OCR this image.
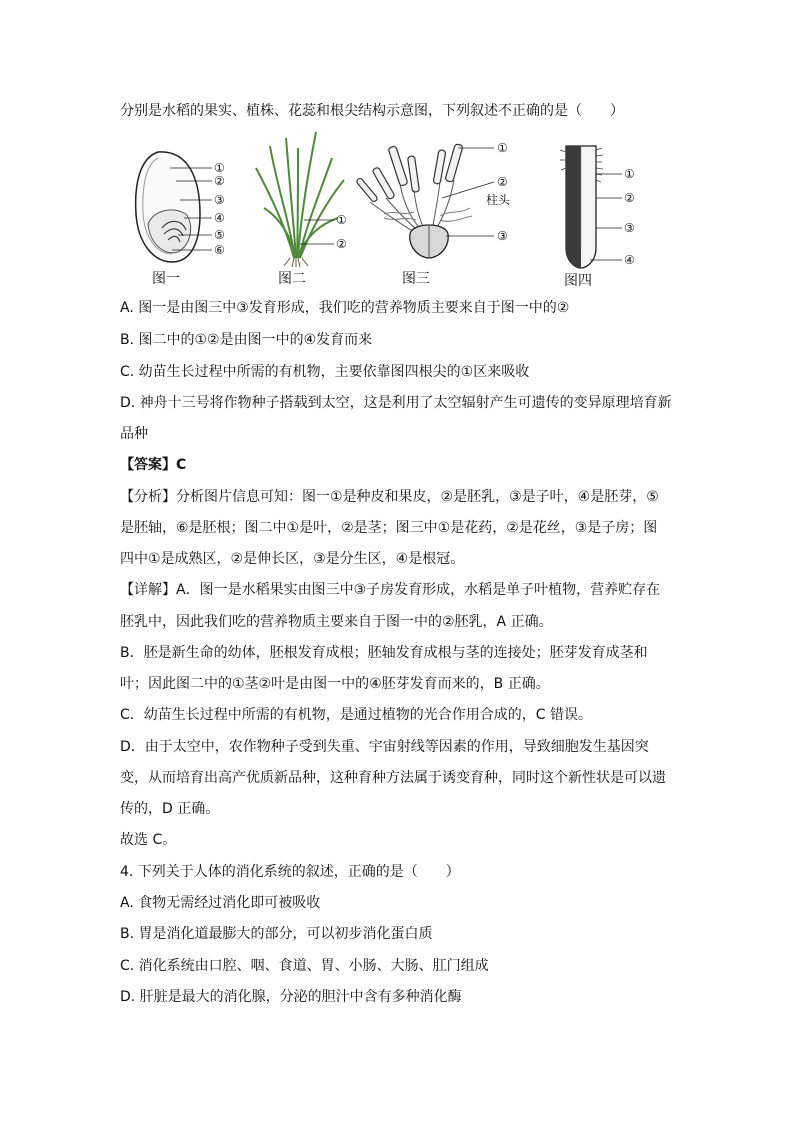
分别是水稻的果实、植株、花蕊和根尖结构示意图，下列叙述不正确的是（　　）
①
②
③
④
⑤
⑥
图一
①
②
图二
①
②
柱头
③
图三
①
②
③
④
图四
A. 图一是由图三中③发育形成，我们吃的营养物质主要来自于图一中的②
B. 图二中的①②是由图一中的④发育而来
C. 幼苗生长过程中所需的有机物，主要依靠图四根尖的①区来吸收
D. 神舟十三号将作物种子搭载到太空，这是利用了太空辐射产生可遗传的变异原理培育新
品种
【答案】C
【分析】分析图片信息可知：图一①是种皮和果皮，②是胚乳，③是子叶，④是胚芽，⑤
是胚轴，⑥是胚根；图二中①是叶，②是茎；图三中①是花药，②是花丝，③是子房；图
四中①是成熟区，②是伸长区，③是分生区，④是根冠。
【详解】A．图一是水稻果实由图三中③子房发育形成，水稻是单子叶植物，营养贮存在
胚乳中，因此我们吃的营养物质主要来自于图一中的②胚乳，A 正确。
B．胚是新生命的幼体，胚根发育成根；胚轴发育成根与茎的连接处；胚芽发育成茎和
叶；因此图二中的①茎②叶是由图一中的④胚芽发育而来的，B 正确。
C．幼苗生长过程中所需的有机物，是通过植物的光合作用合成的，C 错误。
D．由于太空中，农作物种子受到失重、宇宙射线等因素的作用，导致细胞发生基因突
变，从而培育出高产优质新品种，这种育种方法属于诱变育种，同时这个新性状是可以遗
传的，D 正确。
故选 C。
4. 下列关于人体的消化系统的叙述，正确的是（　　）
A. 食物无需经过消化即可被吸收
B. 胃是消化道最膨大的部分，可以初步消化蛋白质
C. 消化系统由口腔、咽、食道、胃、小肠、大肠、肛门组成
D. 肝脏是最大的消化腺，分泌的胆汁中含有多种消化酶
